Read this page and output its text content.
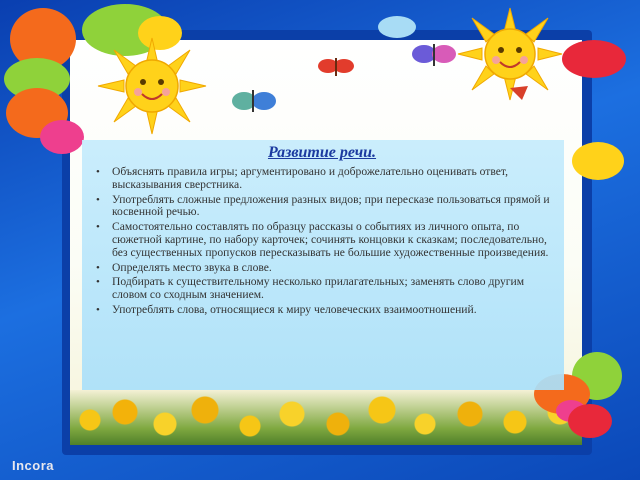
Развитие речи.
• Объяснять правила игры; аргументировано и доброжелательно оценивать ответ, высказывания сверстника.
• Употреблять сложные предложения разных видов; при пересказе пользоваться прямой и косвенной речью.
• Самостоятельно составлять по образцу рассказы о событиях из личного опыта, по сюжетной картине, по набору карточек; сочинять концовки к сказкам; последовательно, без существенных пропусков пересказывать не большие художественные произведения.
• Определять место звука в слове.
• Подбирать к существительному несколько прилагательных; заменять слово другим словом со сходным значением.
• Употреблять слова, относящиеся к миру человеческих взаимоотношений.
Incora
